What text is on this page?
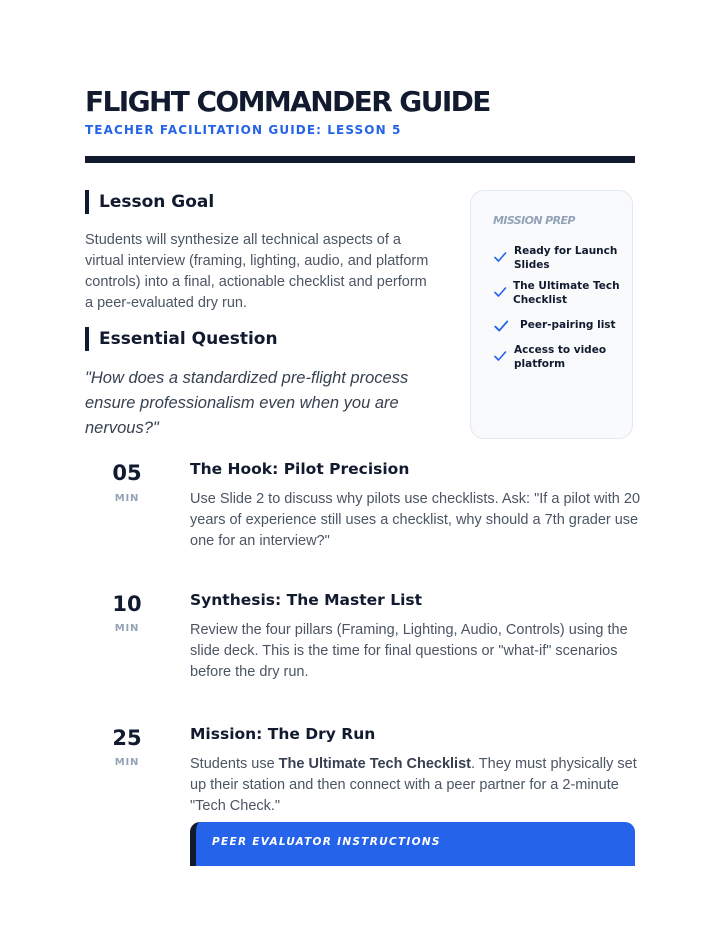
FLIGHT COMMANDER GUIDE
TEACHER FACILITATION GUIDE: LESSON 5
Lesson Goal
Students will synthesize all technical aspects of a virtual interview (framing, lighting, audio, and platform controls) into a final, actionable checklist and perform a peer-evaluated dry run.
Essential Question
"How does a standardized pre-flight process ensure professionalism even when you are nervous?"
MISSION PREP
Ready for Launch Slides
The Ultimate Tech Checklist
Peer-pairing list
Access to video platform
05
MIN
The Hook: Pilot Precision
Use Slide 2 to discuss why pilots use checklists. Ask: "If a pilot with 20 years of experience still uses a checklist, why should a 7th grader use one for an interview?"
10
MIN
Synthesis: The Master List
Review the four pillars (Framing, Lighting, Audio, Controls) using the slide deck. This is the time for final questions or "what-if" scenarios before the dry run.
25
MIN
Mission: The Dry Run
Students use The Ultimate Tech Checklist. They must physically set up their station and then connect with a peer partner for a 2-minute "Tech Check."
PEER EVALUATOR INSTRUCTIONS
